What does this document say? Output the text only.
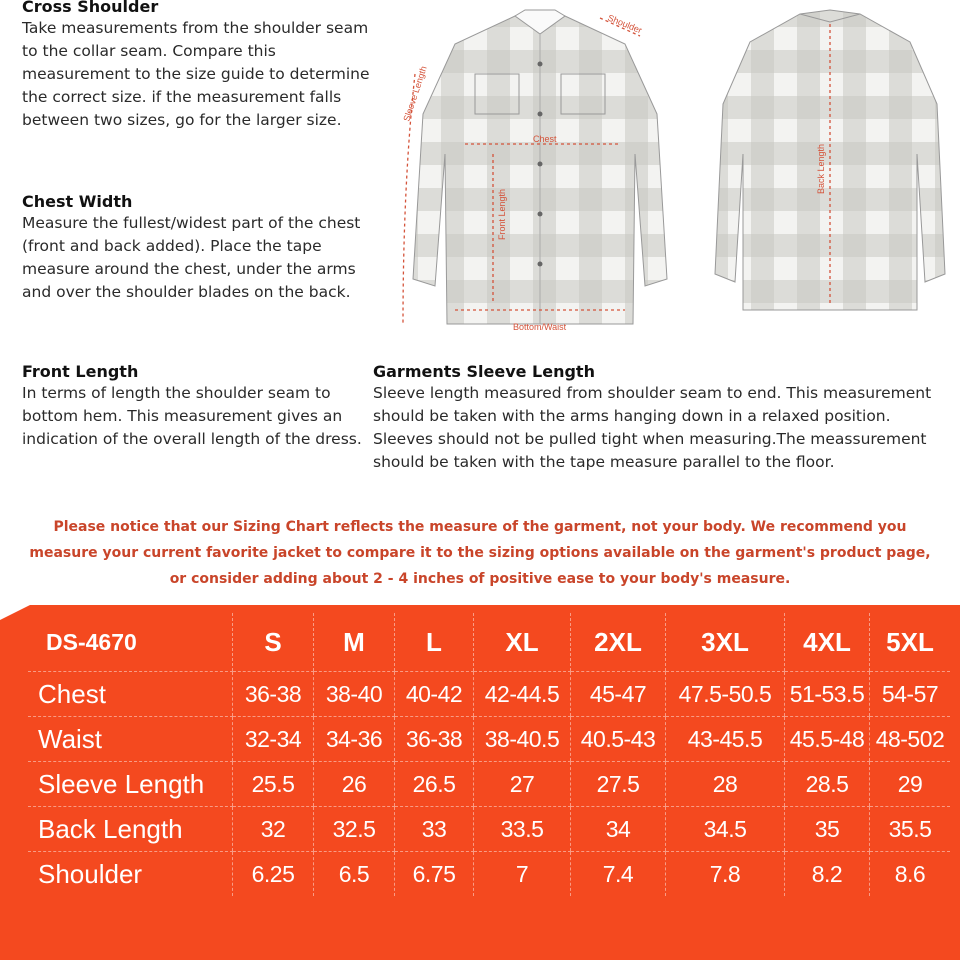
Cross Shoulder

Take measurements from the shoulder seam to the collar seam. Compare this measurement to the size guide to determine the correct size. if the measurement falls between two sizes, go for the larger size.

Chest Width

Measure the fullest/widest part of the chest (front and back added). Place the tape measure around the chest, under the arms and over the shoulder blades on the back.

Front Length

In terms of length the shoulder seam to bottom hem. This measurement gives an indication of the overall length of the dress.

Garments Sleeve Length

Sleeve length measured from shoulder seam to end. This measurement should be taken with the arms hanging down in a relaxed position. Sleeves should not be pulled tight when measuring.The meassurement should be taken with the tape measure parallel to the floor.

Shoulder
Sleeve Length
Chest
Front Length
Bottom/Waist
Back Length
Please notice that our Sizing Chart reflects the measure of the garment, not your body. We recommend you measure your current favorite jacket to compare it to the sizing options available on the garment's product page, or consider adding about 2 - 4 inches of positive ease to your body's measure.
DS-4670	S	M	L	XL	2XL	3XL	4XL	5XL
Chest	36-38	38-40	40-42	42-44.5	45-47	47.5-50.5	51-53.5	54-57
Waist	32-34	34-36	36-38	38-40.5	40.5-43	43-45.5	45.5-48	48-502
Sleeve Length	25.5	26	26.5	27	27.5	28	28.5	29
Back Length	32	32.5	33	33.5	34	34.5	35	35.5
Shoulder	6.25	6.5	6.75	7	7.4	7.8	8.2	8.6
